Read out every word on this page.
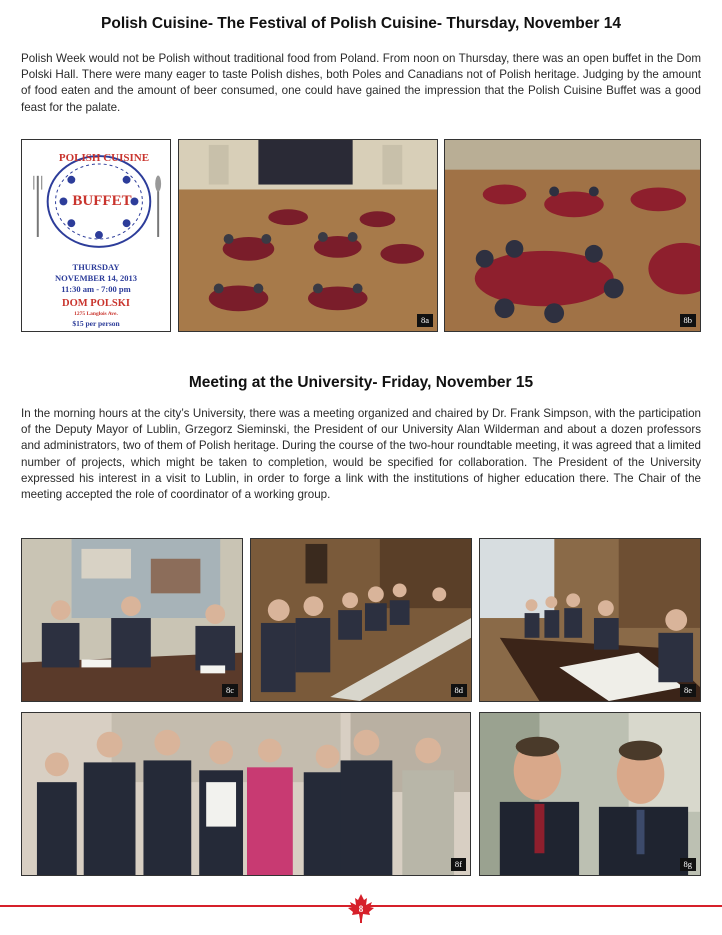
Polish Cuisine- The Festival of Polish Cuisine- Thursday, November 14
Polish Week would not be Polish without traditional food from Poland. From noon on Thursday, there was an open buffet in the Dom Polski Hall. There were many eager to taste Polish dishes, both Poles and Canadians not of Polish heritage. Judging by the amount of food eaten and the amount of beer consumed, one could have gained the impression that the Polish Cuisine Buffet was a good feast for the palate.
POLISH CUISINE
BUFFET
THURSDAY
NOVEMBER 14, 2013
11:30 am - 7:00 pm
DOM POLSKI
1275 Langlois Ave.
$15 per person	8a	8b
Meeting at the University- Friday, November 15
In the morning hours at the city’s University, there was a meeting organized and chaired by Dr. Frank Simpson, with the participation of the Deputy Mayor of Lublin, Grzegorz Sieminski, the President of our University Alan Wilderman and about a dozen professors and administrators, two of them of Polish heritage. During the course of the two-hour roundtable meeting, it was agreed that a limited number of projects, which might be taken to completion, would be specified for collaboration. The President of the University expressed his interest in a visit to Lublin, in order to forge a link with the institutions of higher education there. The Chair of the meeting accepted the role of coordinator of a working group.
8c	8d	8e
8f	8g
8
